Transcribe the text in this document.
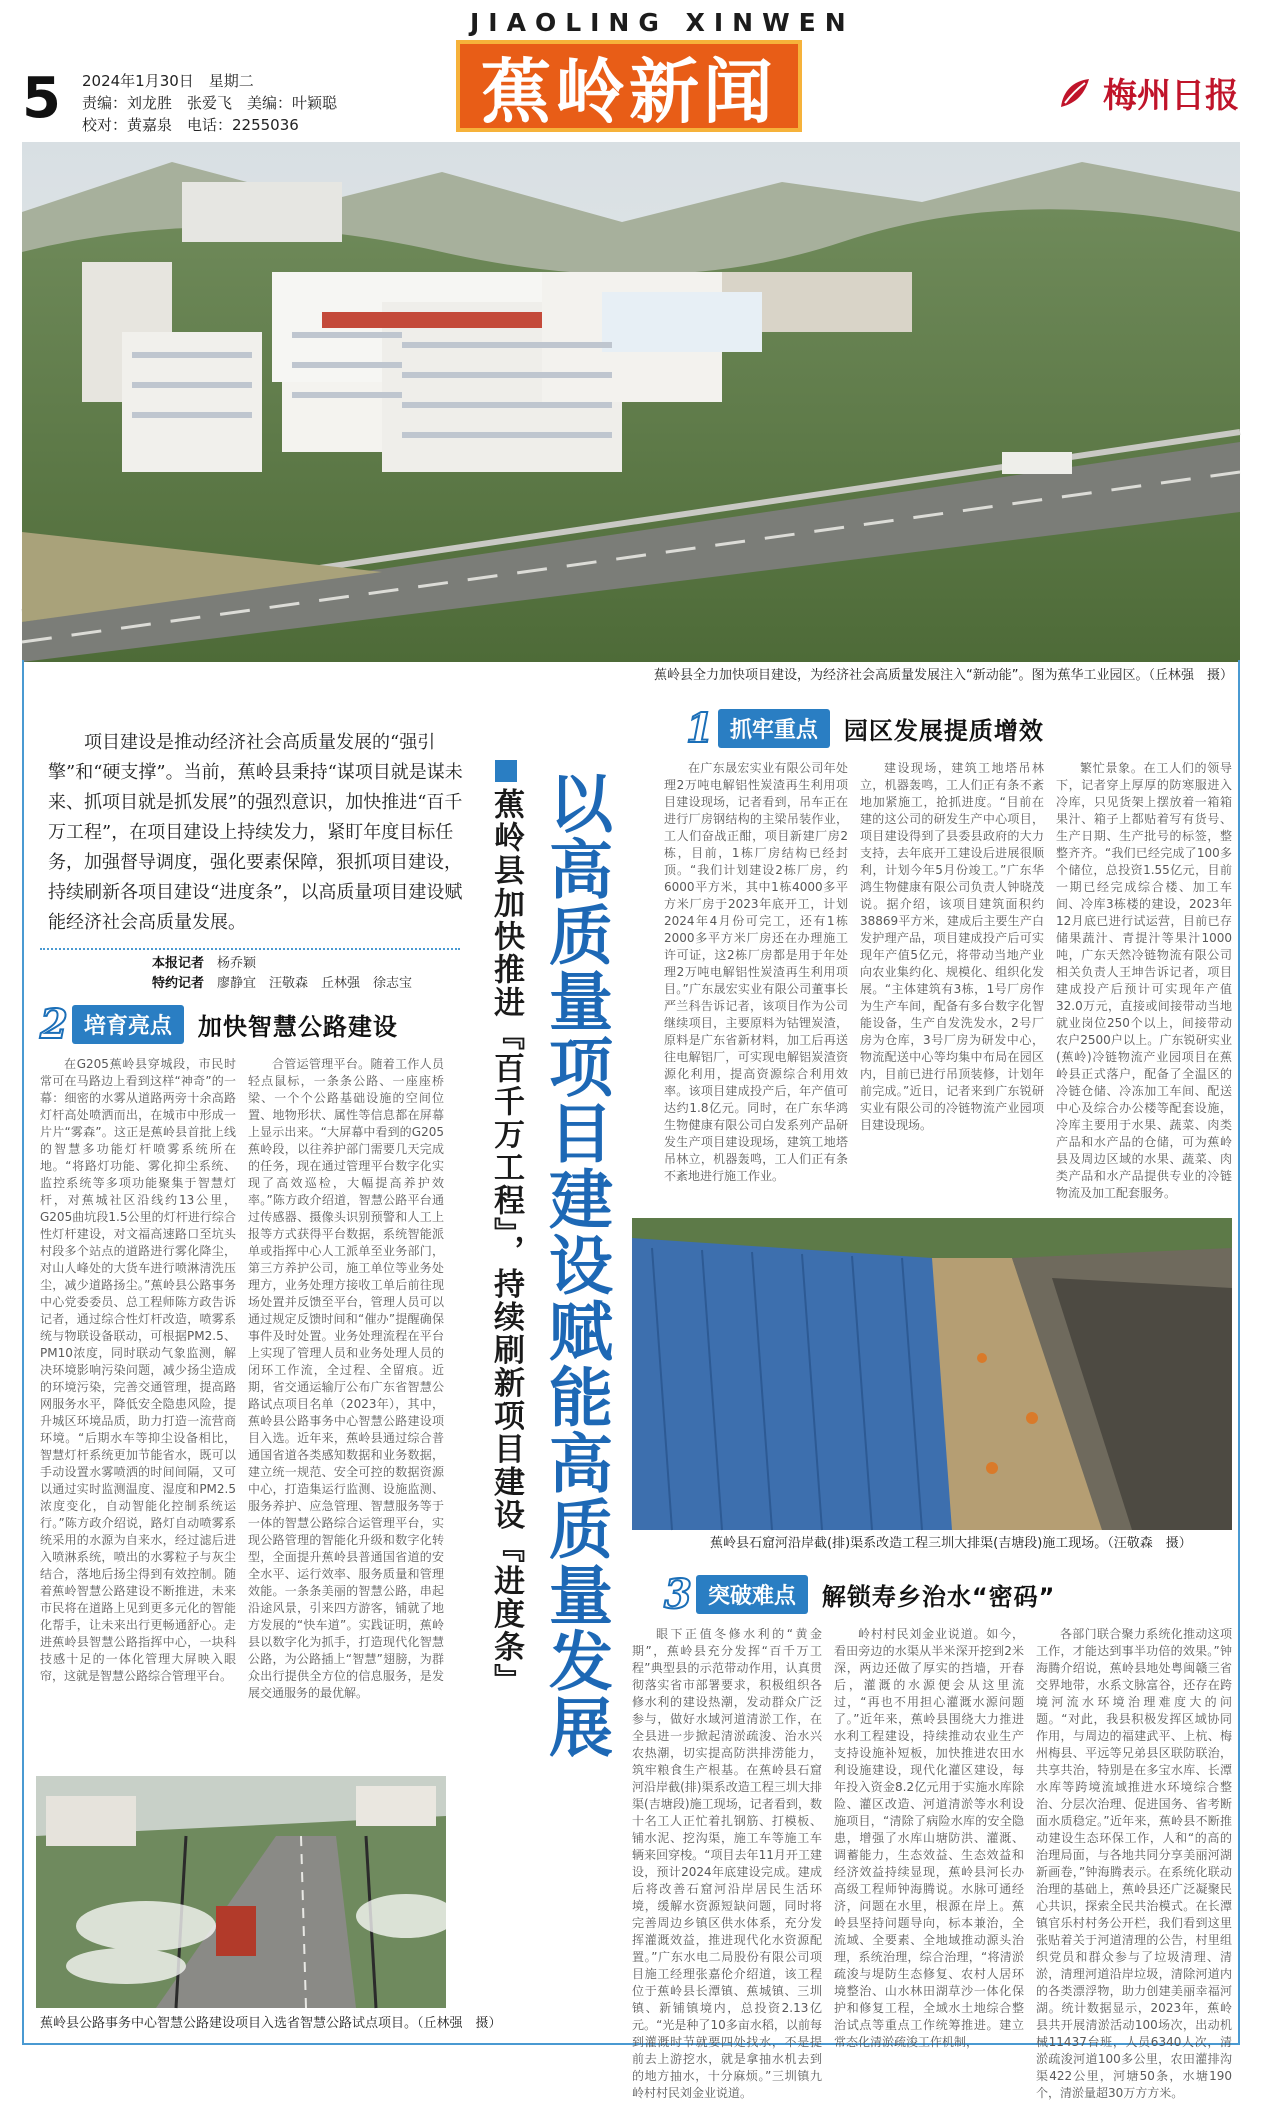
5 2024年1月30日　星期二
责编：刘龙胜　张爱飞　美编：叶颖聪
校对：黄嘉泉　电话：2255036
JIAOLING XINWEN
蕉岭新闻	梅州日报
蕉岭县全力加快项目建设，为经济社会高质量发展注入“新动能”。图为蕉华工业园区。（丘林强　摄）
项目建设是推动经济社会高质量发展的“强引擎”和“硬支撑”。当前，蕉岭县秉持“谋项目就是谋未来、抓项目就是抓发展”的强烈意识，加快推进“百千万工程”，在项目建设上持续发力，紧盯年度目标任务，加强督导调度，强化要素保障，狠抓项目建设，持续刷新各项目建设“进度条”，以高质量项目建设赋能经济社会高质量发展。
本报记者　 杨乔颖
特约记者　 廖静宜　汪敬森　丘林强　徐志宝	蕉岭县加快推进『百千万工程』，持续刷新项目建设『进度条』 以高质量项目建设赋能高质量发展
1 抓牢重点	园区发展提质增效
在广东晟宏实业有限公司年处理2万吨电解铝性炭渣再生利用项目建设现场，记者看到，吊车正在进行厂房钢结构的主梁吊装作业，工人们奋战正酣，项目新建厂房2栋，目前，1栋厂房结构已经封顶。“我们计划建设2栋厂房，约6000平方米，其中1栋4000多平方米厂房于2023年底开工，计划2024年4月份可完工，还有1栋2000多平方米厂房还在办理施工许可证，这2栋厂房都是用于年处理2万吨电解铝性炭渣再生利用项目。”广东晟宏实业有限公司董事长严兰科告诉记者，该项目作为公司继续项目，主要原料为钴锂炭渣，原料是广东省新材料，加工后再送往电解铝厂，可实现电解铝炭渣资源化利用，提高资源综合利用效率。该项目建成投产后，年产值可达约1.8亿元。同时，在广东华鸿生物健康有限公司白发系列产品研发生产项目建设现场，建筑工地塔吊林立，机器轰鸣，工人们正有条不紊地进行施工作业。
建设现场，建筑工地塔吊林立，机器轰鸣，工人们正有条不紊地加紧施工，抢抓进度。“目前在建的这公司的研发生产中心项目，项目建设得到了县委县政府的大力支持，去年底开工建设后进展很顺利，计划今年5月份竣工。”广东华鸿生物健康有限公司负责人钟晓茂说。据介绍，该项目建筑面积约38869平方米，建成后主要生产白发护理产品，项目建成投产后可实现年产值5亿元，将带动当地产业向农业集约化、规模化、组织化发展。“主体建筑有3栋，1号厂房作为生产车间，配备有多台数字化智能设备，生产自发洗发水，2号厂房为仓库，3号厂房为研发中心，物流配送中心等均集中布局在园区内，目前已进行吊顶装修，计划年前完成。”近日，记者来到广东锐研实业有限公司的冷链物流产业园项目建设现场。
繁忙景象。在工人们的领导下，记者穿上厚厚的防寒服进入冷库，只见货架上摆放着一箱箱果汁、箱子上都贴着写有货号、生产日期、生产批号的标签，整整齐齐。“我们已经完成了100多个储位，总投资1.55亿元，目前一期已经完成综合楼、加工车间、冷库3栋楼的建设，2023年12月底已进行试运营，目前已存储果蔬汁、青提汁等果汁1000吨，广东天然冷链物流有限公司相关负责人王坤告诉记者，项目建成投产后预计可实现年产值32.0万元，直接或间接带动当地就业岗位250个以上，间接带动农户2500户以上。广东锐研实业(蕉岭)冷链物流产业园项目在蕉岭县正式落户，配备了全温区的冷链仓储、冷冻加工车间、配送中心及综合办公楼等配套设施，冷库主要用于水果、蔬菜、肉类产品和水产品的仓储，可为蕉岭县及周边区域的水果、蔬菜、肉类产品和水产品提供专业的冷链物流及加工配套服务。
蕉岭县石窟河沿岸截(排)渠系改造工程三圳大排渠(吉塘段)施工现场。（汪敬森　摄）
3 突破难点	解锁寿乡治水“密码”
眼下正值冬修水利的“黄金期”，蕉岭县充分发挥“百千万工程”典型县的示范带动作用，认真贯彻落实省市部署要求，积极组织各修水利的建设热潮，发动群众广泛参与，做好水域河道清淤工作，在全县进一步掀起清淤疏浚、治水兴农热潮，切实提高防洪排涝能力，筑牢粮食生产根基。在蕉岭县石窟河沿岸截(排)渠系改造工程三圳大排渠(吉塘段)施工现场，记者看到，数十名工人正忙着扎钢筋、打模板、铺水泥、挖沟渠，施工车等施工车辆来回穿梭。“项目去年11月开工建设，预计2024年底建设完成。建成后将改善石窟河沿岸居民生活环境，缓解水资源短缺问题，同时将完善周边乡镇区供水体系，充分发挥灌溉效益，推进现代化水资源配置。”广东水电二局股份有限公司项目施工经理张嘉伦介绍道，该工程位于蕉岭县长潭镇、蕉城镇、三圳镇、新铺镇境内，总投资2.13亿元。“光是种了10多亩水稻，以前每到灌溉时节就要四处找水，不是提前去上游挖水，就是拿抽水机去到的地方抽水，十分麻烦。”三圳镇九岭村村民刘金业说道。
岭村村民刘金业说道。如今，看田旁边的水渠从半米深开挖到2米深，两边还做了厚实的挡墙，开春后，灌溉的水源便会从这里流过，“再也不用担心灌溉水源问题了。”近年来，蕉岭县围绕大力推进水利工程建设，持续推动农业生产支持设施补短板，加快推进农田水利设施建设，现代化灌区建设，每年投入资金8.2亿元用于实施水库除险、灌区改造、河道清淤等水利设施项目，“清除了病险水库的安全隐患，增强了水库山塘防洪、灌溉、调蓄能力，生态效益、生态效益和经济效益持续显现，蕉岭县河长办高级工程师钟海腾说。水脉可通经济，问题在水里，根源在岸上。蕉岭县坚持问题导向，标本兼治，全流域、全要素、全地域推动源头治理，系统治理，综合治理，“将清淤疏浚与堤防生态修复、农村人居环境整治、山水林田湖草沙一体化保护和修复工程，全域水土地综合整治试点等重点工作统筹推进。建立常态化清淤疏浚工作机制，
各部门联合聚力系统化推动这项工作，才能达到事半功倍的效果。”钟海腾介绍说，蕉岭县地处粤闽赣三省交界地带，水系文脉富谷，还存在跨境河流水环境治理难度大的问题。“对此，我县积极发挥区域协同作用，与周边的福建武平、上杭、梅州梅县、平远等兄弟县区联防联治，共享共治，特别是在多宝水库、长潭水库等跨境流域推进水环境综合整治、分层次治理、促进国务、省考断面水质稳定。”近年来，蕉岭县不断推动建设生态环保工作，人和“的高的治理局面，与各地共同分享美丽河湖新画卷，”钟海腾表示。在系统化联动治理的基础上，蕉岭县还广泛凝聚民心共识，探索全民共治模式。在长潭镇官乐村村务公开栏，我们看到这里张贴着关于河道清理的公告，村里组织党员和群众参与了垃圾清理、清淤，清理河道沿岸垃圾，清除河道内的各类漂浮物，助力创建美丽幸福河湖。统计数据显示，2023年，蕉岭县共开展清淤活动100场次，出动机械11437台班，人员6340人次，清淤疏浚河道100多公里，农田灌排沟渠422公里，河塘50条，水塘190个，清淤量超30万方方米。
2 培育亮点	加快智慧公路建设
在G205蕉岭县穿城段，市民时常可在马路边上看到这样“神奇”的一幕：细密的水雾从道路两旁十余高路灯杆高处喷洒而出，在城市中形成一片片“雾森”。这正是蕉岭县首批上线的智慧多功能灯杆喷雾系统所在地。“将路灯功能、雾化抑尘系统、监控系统等多项功能聚集于智慧灯杆，对蕉城社区沿线约13公里，G205曲坑段1.5公里的灯杆进行综合性灯杆建设，对文福高速路口至坑头村段多个站点的道路进行雾化降尘，对山人峰处的大货车进行喷淋清洗压尘，减少道路扬尘。”蕉岭县公路事务中心党委委员、总工程师陈方政告诉记者，通过综合性灯杆改造，喷雾系统与物联设备联动，可根据PM2.5、PM10浓度，同时联动气象监测，解决环境影响污染问题，减少扬尘造成的环境污染，完善交通管理，提高路网服务水平，降低安全隐患风险，提升城区环境品质，助力打造一流营商环境。“后期水车等抑尘设备相比，智慧灯杆系统更加节能省水，既可以手动设置水雾喷洒的时间间隔，又可以通过实时监测温度、湿度和PM2.5浓度变化，自动智能化控制系统运行。”陈方政介绍说，路灯自动喷雾系统采用的水源为自来水，经过滤后进入喷淋系统，喷出的水雾粒子与灰尘结合，落地后扬尘得到有效控制。随着蕉岭智慧公路建设不断推进，未来市民将在道路上见到更多元化的智能化帮手，让未来出行更畅通舒心。走进蕉岭县智慧公路指挥中心，一块科技感十足的一体化管理大屏映入眼帘，这就是智慧公路综合管理平台。
合管运管理平台。随着工作人员轻点鼠标，一条条公路、一座座桥梁、一个个公路基础设施的空间位置、地物形状、属性等信息都在屏幕上显示出来。“大屏幕中看到的G205蕉岭段，以往养护部门需要几天完成的任务，现在通过管理平台数字化实现了高效巡检，大幅提高养护效率。”陈方政介绍道，智慧公路平台通过传感器、摄像头识别预警和人工上报等方式获得平台数据，系统智能派单或指挥中心人工派单至业务部门，第三方养护公司，施工单位等业务处理方，业务处理方接收工单后前往现场处置并反馈至平台，管理人员可以通过规定反馈时间和“催办”提醒确保事件及时处置。业务处理流程在平台上实现了管理人员和业务处理人员的闭环工作流，全过程、全留痕。近期，省交通运输厅公布广东省智慧公路试点项目名单（2023年），其中，蕉岭县公路事务中心智慧公路建设项目入选。近年来，蕉岭县通过综合普通国省道各类感知数据和业务数据，建立统一规范、安全可控的数据资源中心，打造集运行监测、设施监测、服务养护、应急管理、智慧服务等于一体的智慧公路综合运管理平台，实现公路管理的智能化升级和数字化转型，全面提升蕉岭县普通国省道的安全水平、运行效率、服务质量和管理效能。一条条美丽的智慧公路，串起沿途风景，引来四方游客，铺就了地方发展的“快车道”。实践证明，蕉岭县以数字化为抓手，打造现代化智慧公路，为公路插上“智慧”翅膀，为群众出行提供全方位的信息服务，是发展交通服务的最优解。
蕉岭县公路事务中心智慧公路建设项目入选省智慧公路试点项目。（丘林强　摄）
